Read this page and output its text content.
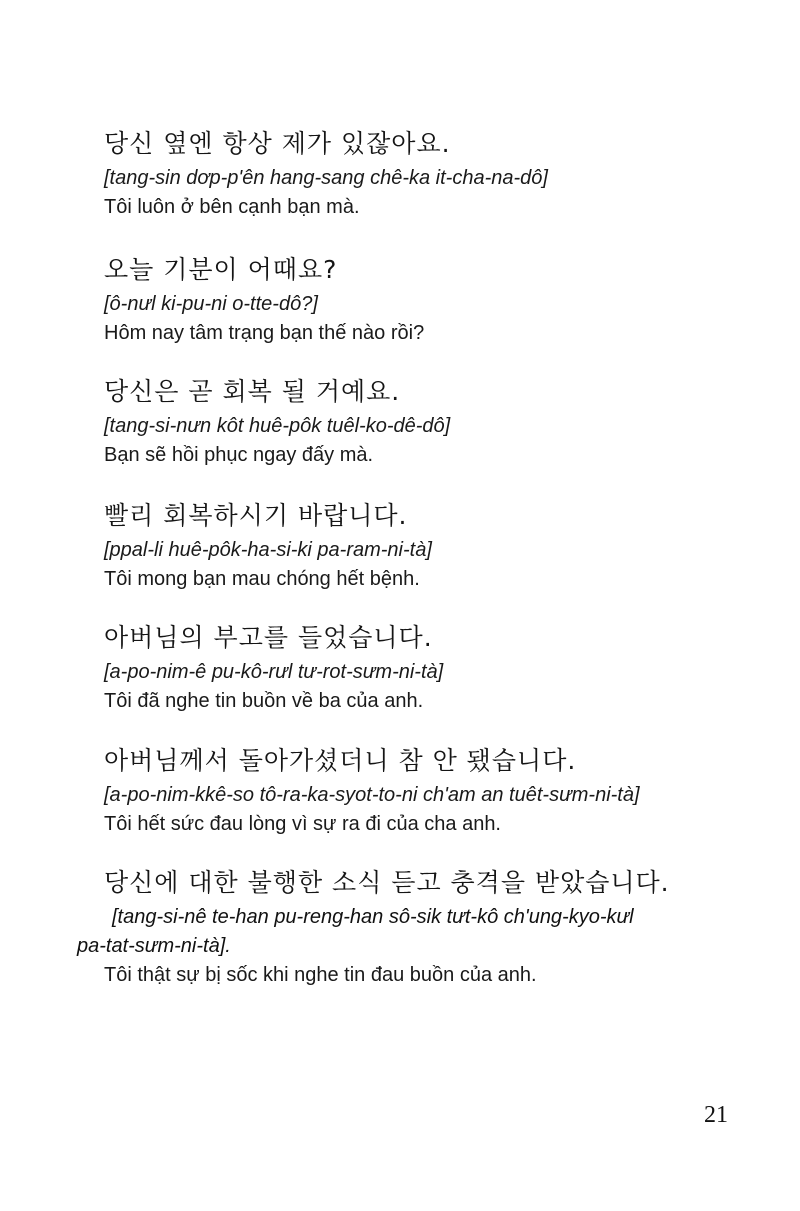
당신 옆엔 항상 제가 있잖아요.
[tang-sin dơp-p'ên hang-sang chê-ka it-cha-na-dô]
Tôi luôn ở bên cạnh bạn mà.
오늘 기분이 어때요?
[ô-nưl ki-pu-ni o-tte-dô?]
Hôm nay tâm trạng bạn thế nào rồi?
당신은 곧 회복 될 거예요.
[tang-si-nưn kôt huê-pôk tuêl-ko-dê-dô]
Bạn sẽ hồi phục ngay đấy mà.
빨리 회복하시기 바랍니다.
[ppal-li huê-pôk-ha-si-ki pa-ram-ni-tà]
Tôi mong bạn mau chóng hết bệnh.
아버님의 부고를 들었습니다.
[a-po-nim-ê pu-kô-rưl tư-rot-sưm-ni-tà]
Tôi đã nghe tin buồn về ba của anh.
아버님께서 돌아가셨더니 참 안 됐습니다.
[a-po-nim-kkê-so tô-ra-ka-syot-to-ni ch'am an tuêt-sưm-ni-tà]
Tôi hết sức đau lòng vì sự ra đi của cha anh.
당신에 대한 불행한 소식 듣고 충격을 받았습니다.
[tang-si-nê te-han pu-reng-han sô-sik tưt-kô ch'ung-kyo-kưl
pa-tat-sưm-ni-tà].
Tôi thật sự bị sốc khi nghe tin đau buồn của anh.
21
